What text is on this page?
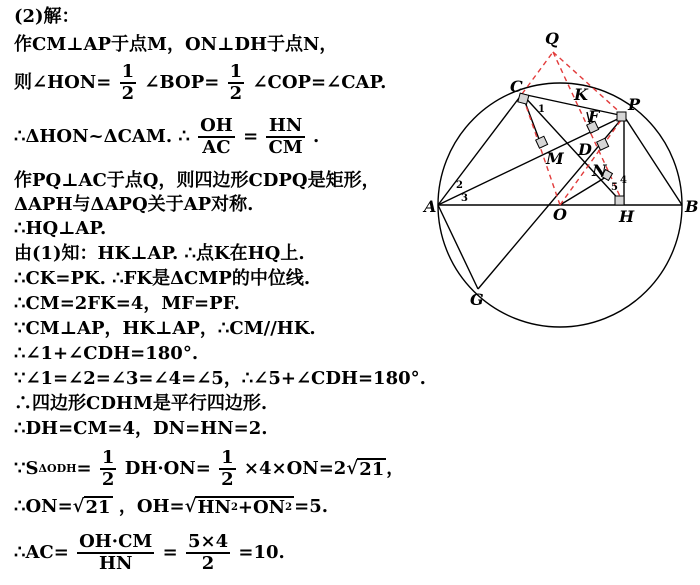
(2)解：
作CM⊥AP于点M，ON⊥DH于点N，
则∠HON= $\frac{1}{2}$ ∠BOP= $\frac{1}{2}$ ∠COP=∠CAP.
∴ΔHON~ΔCAM. ∴ $\frac{OH}{AC} = \frac{HN}{CM}$ .
作PQ⊥AC于点Q，则四边形CDPQ是矩形，
ΔAPH与ΔAPQ关于AP对称.
∴HQ⊥AP.
由(1)知：HK⊥AP. ∴点K在HQ上.
∴CK=PK. ∴FK是ΔCMP的中位线.
∴CM=2FK=4，MF=PF.
∵CM⊥AP，HK⊥AP，∴CM//HK.
∴∠1+∠CDH=180°.
∵∠1=∠2=∠3=∠4=∠5，∴∠5+∠CDH=180°.
∴四边形CDHM是平行四边形.
∴DH=CM=4，DN=HN=2.
∵SΔODH= $\frac{1}{2} DH\cdot ON= \frac{1}{2} \times 4\times ON=2√21$ ，
∴ON=√21 ，OH=√HN2+ON2 =5.
∴AC= $\frac{OH\cdot CM}{HN} = \frac{5\times 4}{2} =10$.
Q
C	K
P
F
D
M
N
A	O	H
B
G
1
2
3
4
5
